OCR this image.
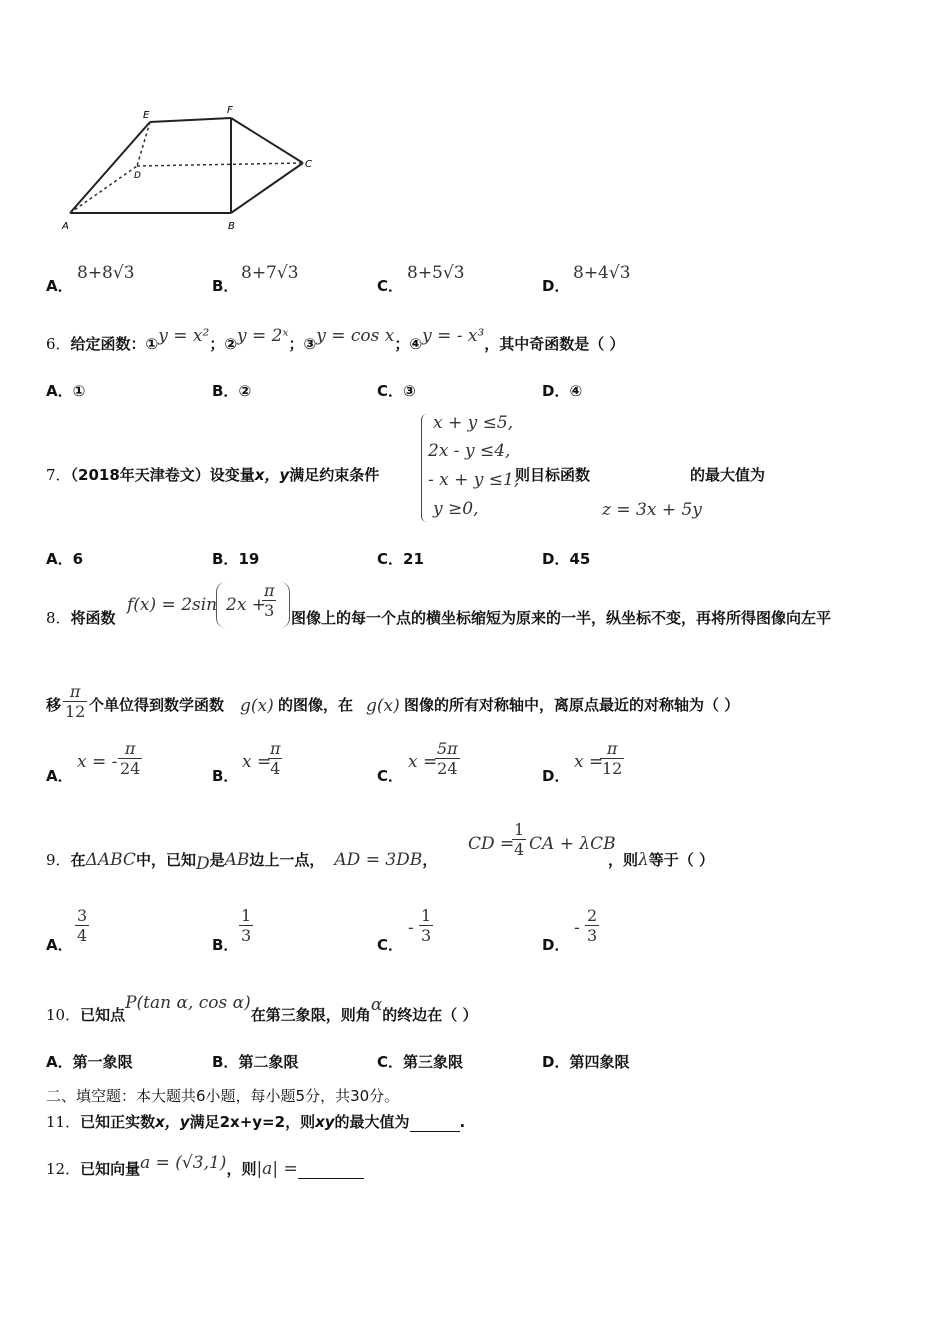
E	F
D
C
A	B
A．
8+8√3
B．
8+7√3
C．
8+5√3
D．
8+4√3
6．给定函数：①y = x²；②y = 2ˣ；③y = cos x；④y = - x³，其中奇函数是（ ）
A．①	B．②	C．③	D．④
7．（2018年天津卷文）设变量x，y满足约束条件
x + y ≤5,
2x - y ≤4,
- x + y ≤1,
y ≥0,
则目标函数	的最大值为
z = 3x + 5y
A．6	B．19	C．21	D．45
8．将函数
f(x) = 2sin 2x +
$\frac{\pi}{3}$ 图像上的每一个点的横坐标缩短为原来的一半，纵坐标不变，再将所得图像向左平
移 $\frac{\pi}{12}$ 个单位得到数学函数 g(x) 的图像，在 g(x) 图像的所有对称轴中，离原点最近的对称轴为（ ）
A．
x = - $\frac{\pi}{24}$	B．
x =
$\frac{\pi}{4}$	C．
x =
$\frac{5\pi}{24}$	D．
x =
$\frac{\pi}{12}$
9．在ΔABC中，已知D是AB边上一点， AD = 3DB，
CD =
$\frac{1}{4}$ CA + λCB
，则λ等于（ ）
A． $\frac{3}{4}$	B． $\frac{1}{3}$	C．
- $\frac{1}{3}$	D．
- $\frac{2}{3}$
10．已知点P(tan α, cos α)在第三象限，则角α的终边在（ ）
A．第一象限	B．第二象限	C．第三象限	D．第四象限
二、填空题：本大题共6小题，每小题5分，共30分。
11．已知正实数x，y满足2x+y=2，则xy的最大值为	.
12．已知向量a = (√3,1)，则|a| =
